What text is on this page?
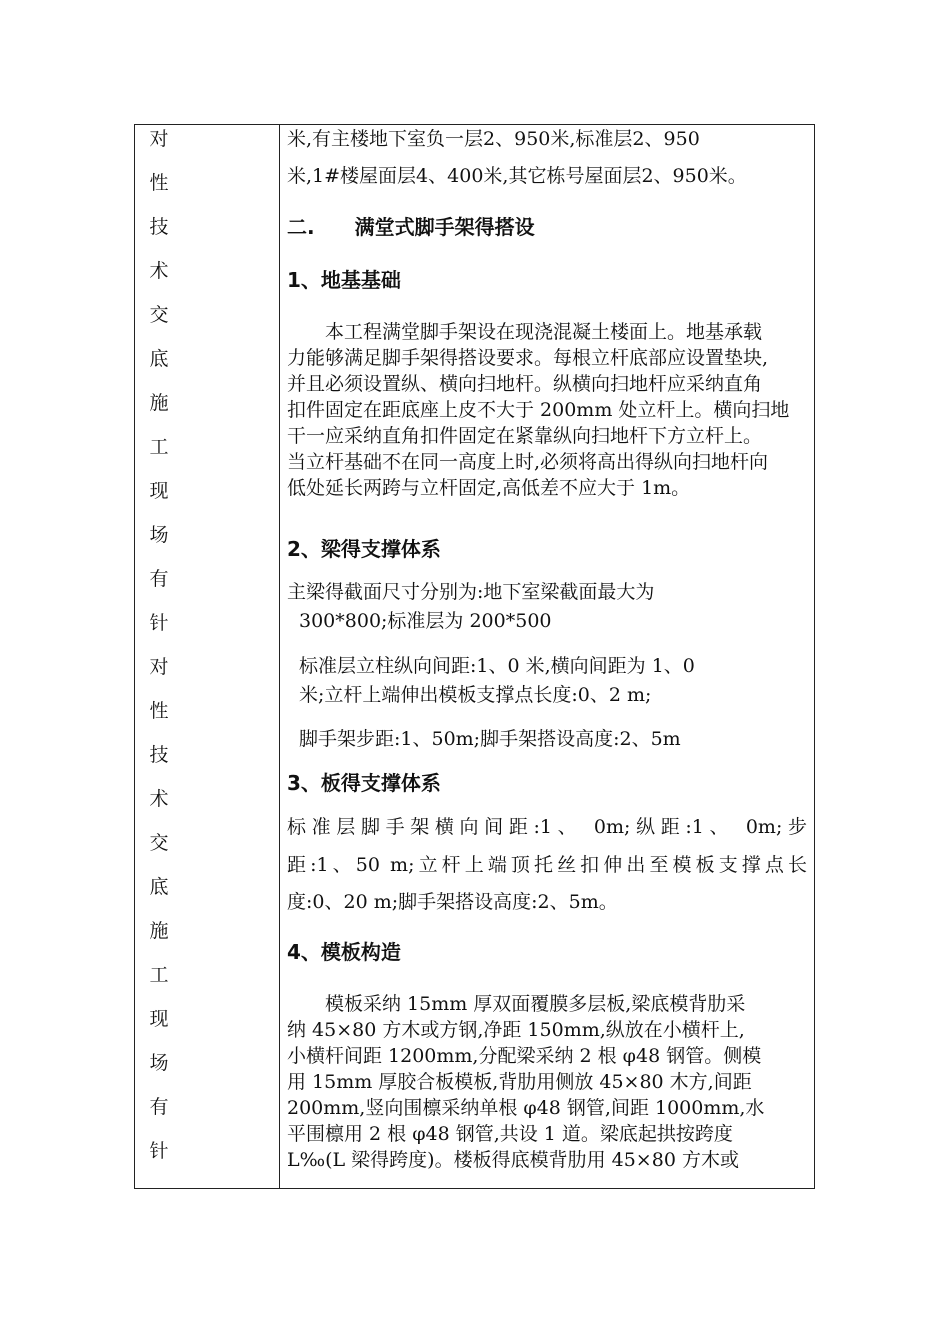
对
性
技
术
交
底
施
工
现
场
有
针
对
性
技
术
交
底
施
工
现
场
有
针
米,有主楼地下室负一层2、950米,标准层2、950
米,1#楼屋面层4、400米,其它栋号屋面层2、950米。
二.  满堂式脚手架得搭设
1、地基基础
　　本工程满堂脚手架设在现浇混凝土楼面上。地基承载
力能够满足脚手架得搭设要求。每根立杆底部应设置垫块,
并且必须设置纵、横向扫地杆。纵横向扫地杆应采纳直角
扣件固定在距底座上皮不大于 200mm 处立杆上。横向扫地
干一应采纳直角扣件固定在紧靠纵向扫地杆下方立杆上。
当立杆基础不在同一高度上时,必须将高出得纵向扫地杆向
低处延长两跨与立杆固定,高低差不应大于 1m。
2、梁得支撑体系
主梁得截面尺寸分别为:地下室梁截面最大为
300*800;标准层为 200*500
标准层立柱纵向间距:1、0 米,横向间距为 1、0
米;立杆上端伸出模板支撑点长度:0、2 m;
脚手架步距:1、50m;脚手架搭设高度:2、5m
3、板得支撑体系
标准层脚手架横向间距:1、 0m;纵距:1、 0m;步
距:1、50 m;立杆上端顶托丝扣伸出至模板支撑点长
度:0、20 m;脚手架搭设高度:2、5m。
4、模板构造
　　模板采纳 15mm 厚双面覆膜多层板,梁底模背肋采
纳 45×80 方木或方钢,净距 150mm,纵放在小横杆上,
小横杆间距 1200mm,分配梁采纳 2 根 φ48 钢管。侧模
用 15mm 厚胶合板模板,背肋用侧放 45×80 木方,间距
200mm,竖向围檩采纳单根 φ48 钢管,间距 1000mm,水
平围檩用 2 根 φ48 钢管,共设 1 道。梁底起拱按跨度
L‰(L 梁得跨度)。楼板得底模背肋用 45×80 方木或
